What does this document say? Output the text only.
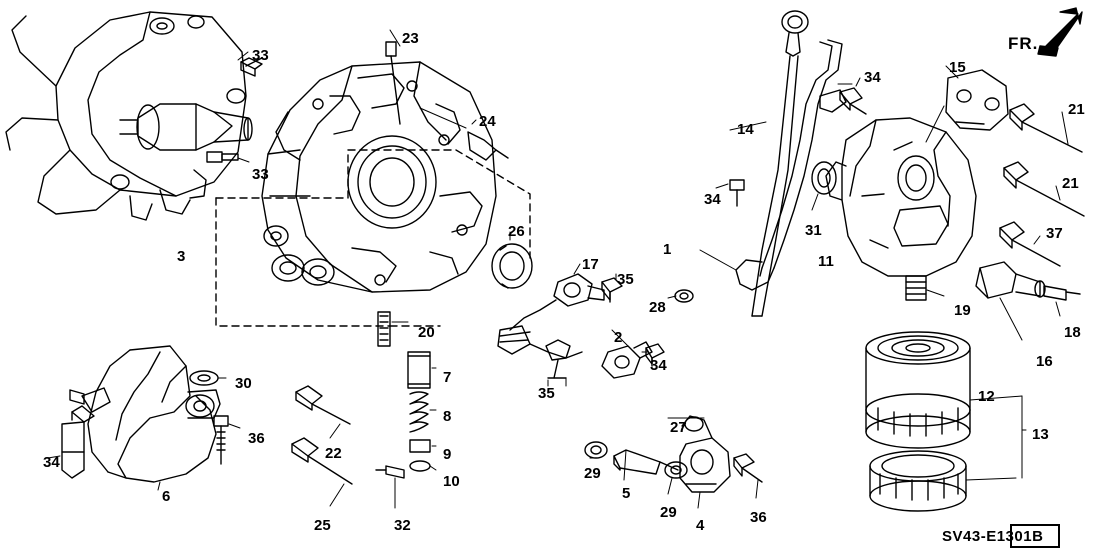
FR.
1
2
3
4
5
6
7
8
9
10
11
12
13
14
15
16
17
18
19
20
21
21
22
23
24
25
26
27
28
29
29
30
31
32
33
33
34
34
34
34
35
35
36
36
37
SV43-E1301B
